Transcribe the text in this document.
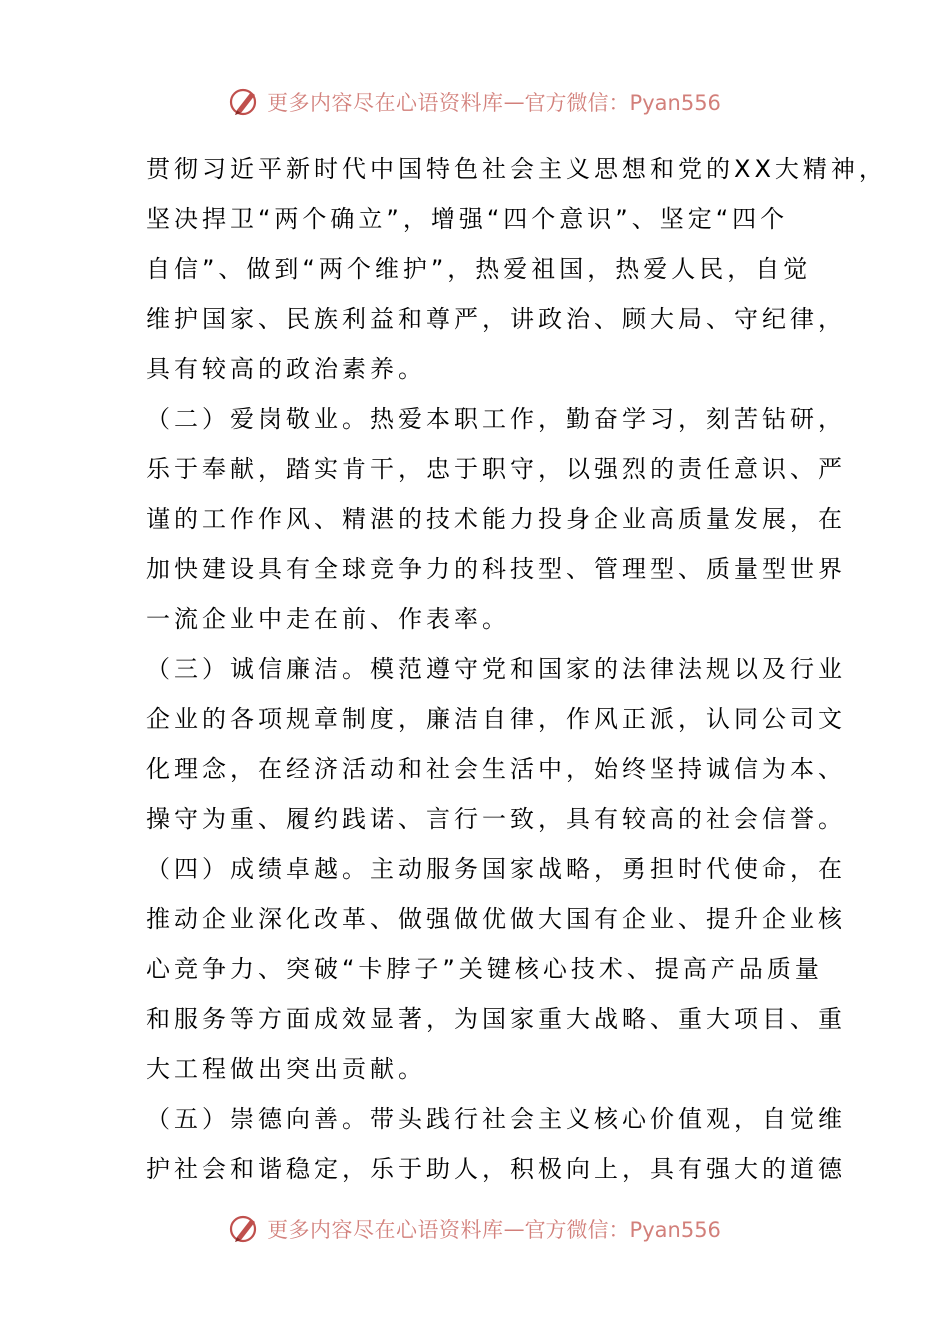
更多内容尽在心语资料库 — 官方微信：Pyan556
贯彻习近平新时代中国特色社会主义思想和党的XX大精神，
坚决捍卫“两个确立”，增强“四个意识”、坚定“四个
自信”、做到“两个维护”，热爱祖国，热爱人民，自觉
维护国家、民族利益和尊严，讲政治、顾大局、守纪律，
具有较高的政治素养。
（二）爱岗敬业。热爱本职工作，勤奋学习，刻苦钻研，
乐于奉献，踏实肯干，忠于职守，以强烈的责任意识、严
谨的工作作风、精湛的技术能力投身企业高质量发展，在
加快建设具有全球竞争力的科技型、管理型、质量型世界
一流企业中走在前、作表率。
（三）诚信廉洁。模范遵守党和国家的法律法规以及行业
企业的各项规章制度，廉洁自律，作风正派，认同公司文
化理念，在经济活动和社会生活中，始终坚持诚信为本、
操守为重、履约践诺、言行一致，具有较高的社会信誉。
（四）成绩卓越。主动服务国家战略，勇担时代使命，在
推动企业深化改革、做强做优做大国有企业、提升企业核
心竞争力、突破“卡脖子”关键核心技术、提高产品质量
和服务等方面成效显著，为国家重大战略、重大项目、重
大工程做出突出贡献。
（五）崇德向善。带头践行社会主义核心价值观，自觉维
护社会和谐稳定，乐于助人，积极向上，具有强大的道德
更多内容尽在心语资料库 — 官方微信：Pyan556
